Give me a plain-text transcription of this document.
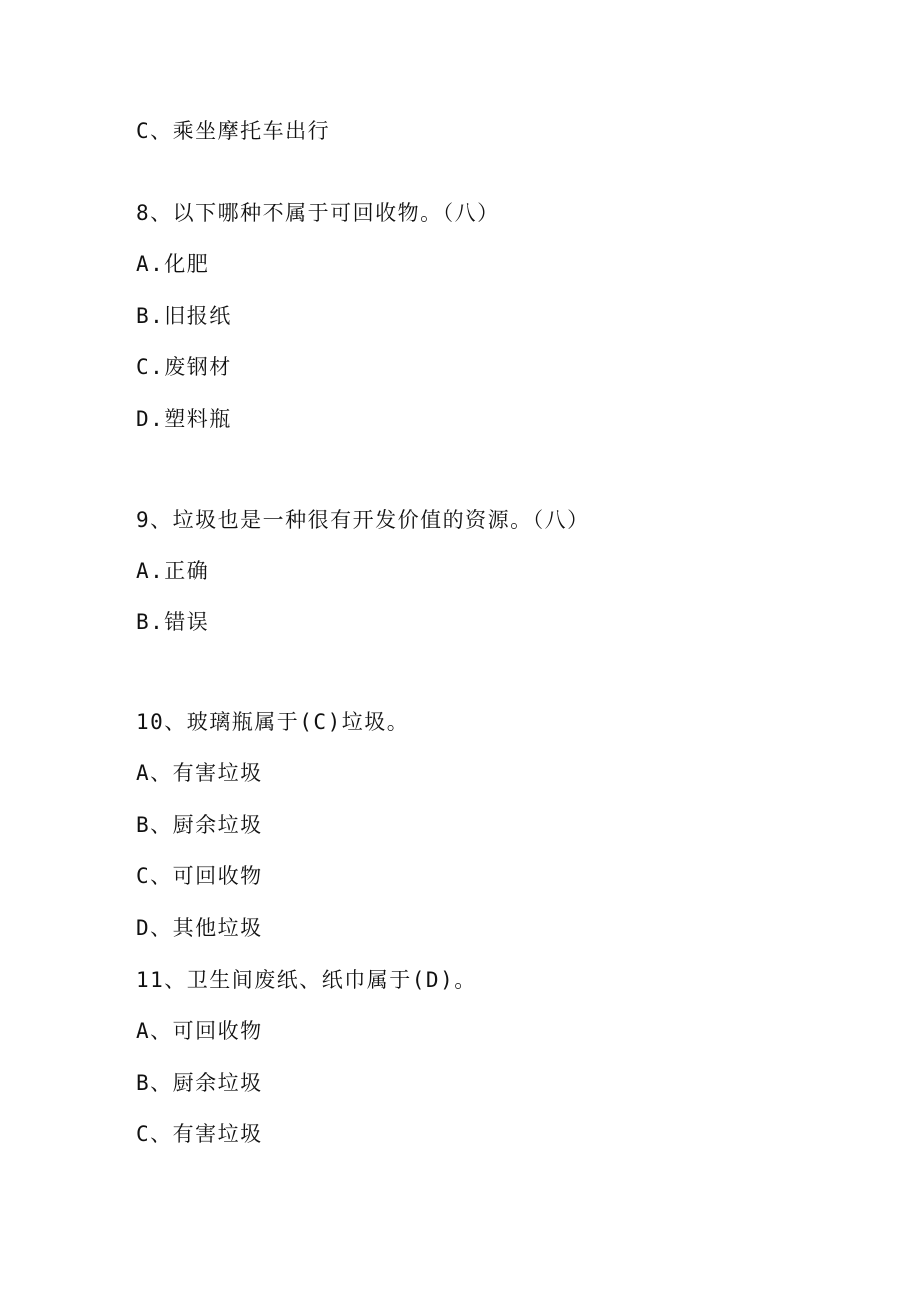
C、乘坐摩托车出行
8、以下哪种不属于可回收物。（八）
A.化肥
B.旧报纸
C.废钢材
D.塑料瓶
9、垃圾也是一种很有开发价值的资源。（八）
A.正确
B.错误
10、玻璃瓶属于(C)垃圾。
A、有害垃圾
B、厨余垃圾
C、可回收物
D、其他垃圾
11、卫生间废纸、纸巾属于(D)。
A、可回收物
B、厨余垃圾
C、有害垃圾
